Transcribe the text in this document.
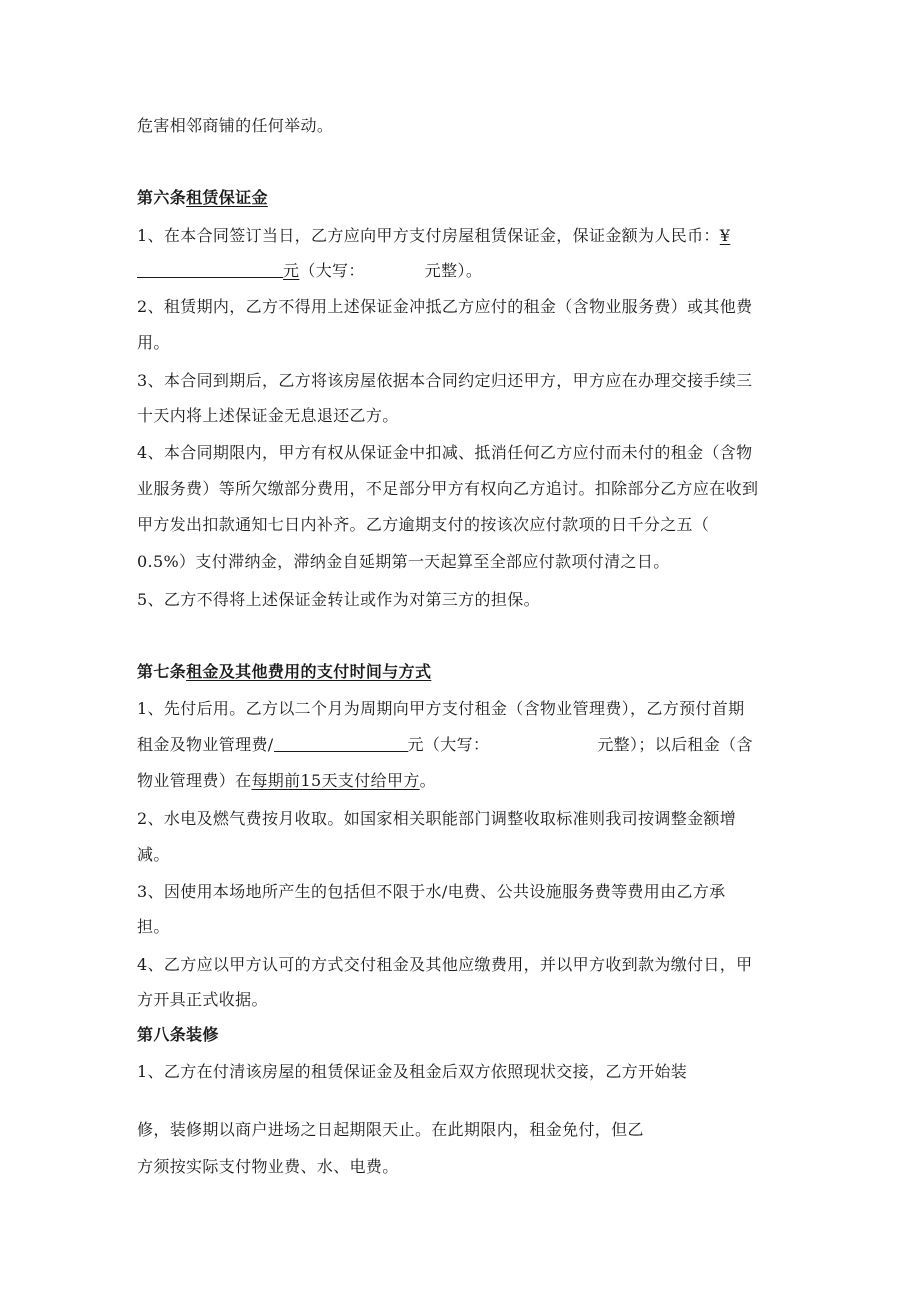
危害相邻商铺的任何举动。
第六条租赁保证金
1、在本合同签订当日，乙方应向甲方支付房屋租赁保证金，保证金额为人民币：¥
元（大写：	元整）。
2、租赁期内，乙方不得用上述保证金冲抵乙方应付的租金（含物业服务费）或其他费
用。
3、本合同到期后，乙方将该房屋依据本合同约定归还甲方，甲方应在办理交接手续三
十天内将上述保证金无息退还乙方。
4、本合同期限内，甲方有权从保证金中扣减、抵消任何乙方应付而未付的租金（含物
业服务费）等所欠缴部分费用，不足部分甲方有权向乙方追讨。扣除部分乙方应在收到
甲方发出扣款通知七日内补齐。乙方逾期支付的按该次应付款项的日千分之五（
0.5%）支付滞纳金，滞纳金自延期第一天起算至全部应付款项付清之日。
5、乙方不得将上述保证金转让或作为对第三方的担保。
第七条租金及其他费用的支付时间与方式
1、先付后用。乙方以二个月为周期向甲方支付租金（含物业管理费），乙方预付首期
租金及物业管理费/	元（大写：	元整）；以后租金（含
物业管理费）在每期前15天支付给甲方。
2、水电及燃气费按月收取。如国家相关职能部门调整收取标准则我司按调整金额增
减。
3、因使用本场地所产生的包括但不限于水/电费、公共设施服务费等费用由乙方承
担。
4、乙方应以甲方认可的方式交付租金及其他应缴费用，并以甲方收到款为缴付日，甲
方开具正式收据。
第八条装修
1、乙方在付清该房屋的租赁保证金及租金后双方依照现状交接，乙方开始装
修，装修期以商户进场之日起期限天止。在此期限内，租金免付，但乙
方须按实际支付物业费、水、电费。
